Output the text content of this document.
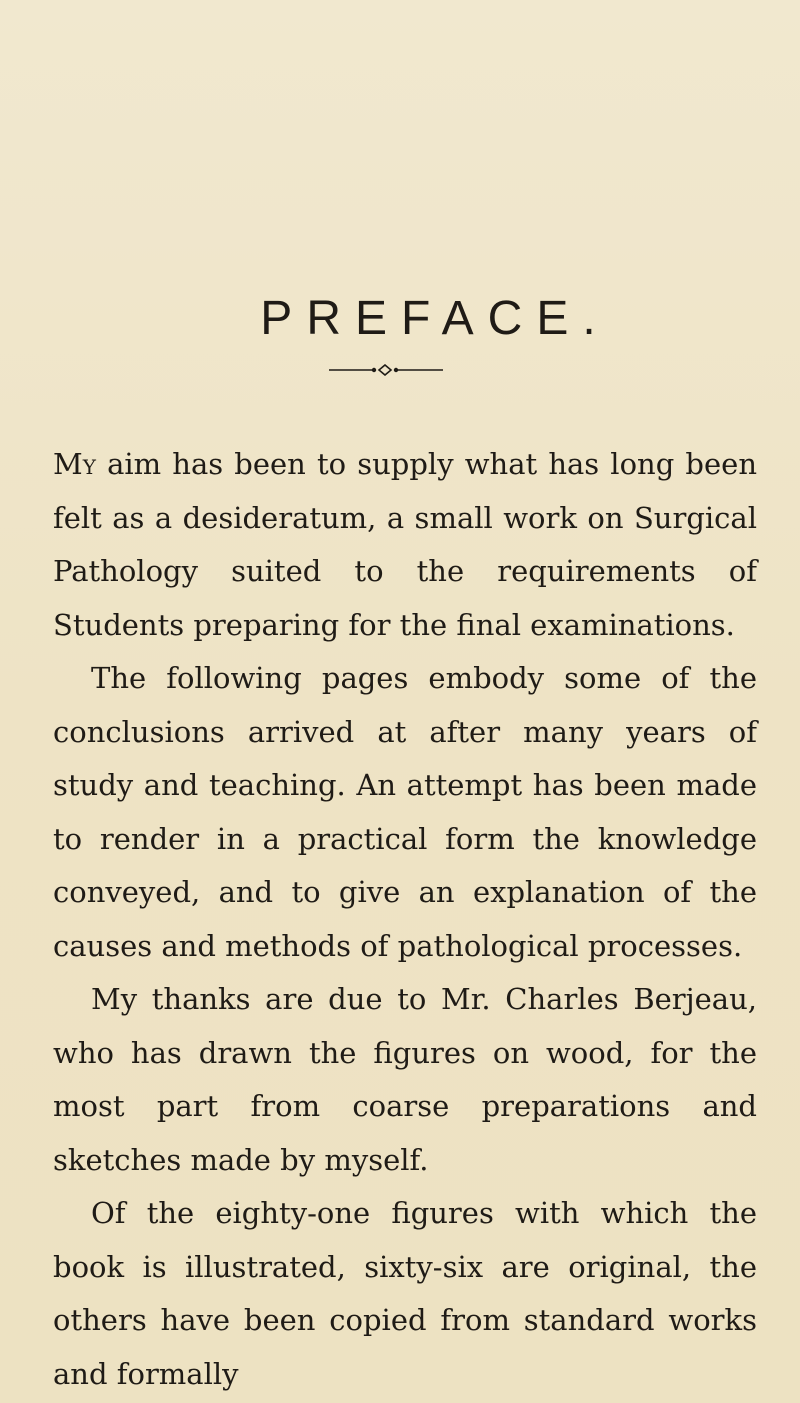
PREFACE.

My aim has been to supply what has long been felt as a desideratum, a small work on Surgical Pathology suited to the requirements of Students preparing for the final examinations.

The following pages embody some of the conclusions arrived at after many years of study and teaching. An attempt has been made to render in a practical form the knowledge conveyed, and to give an explanation of the causes and methods of pathological processes.

My thanks are due to Mr. Charles Berjeau, who has drawn the figures on wood, for the most part from coarse preparations and sketches made by myself.

Of the eighty-one figures with which the book is illustrated, sixty-six are original, the others have been copied from standard works and formally
